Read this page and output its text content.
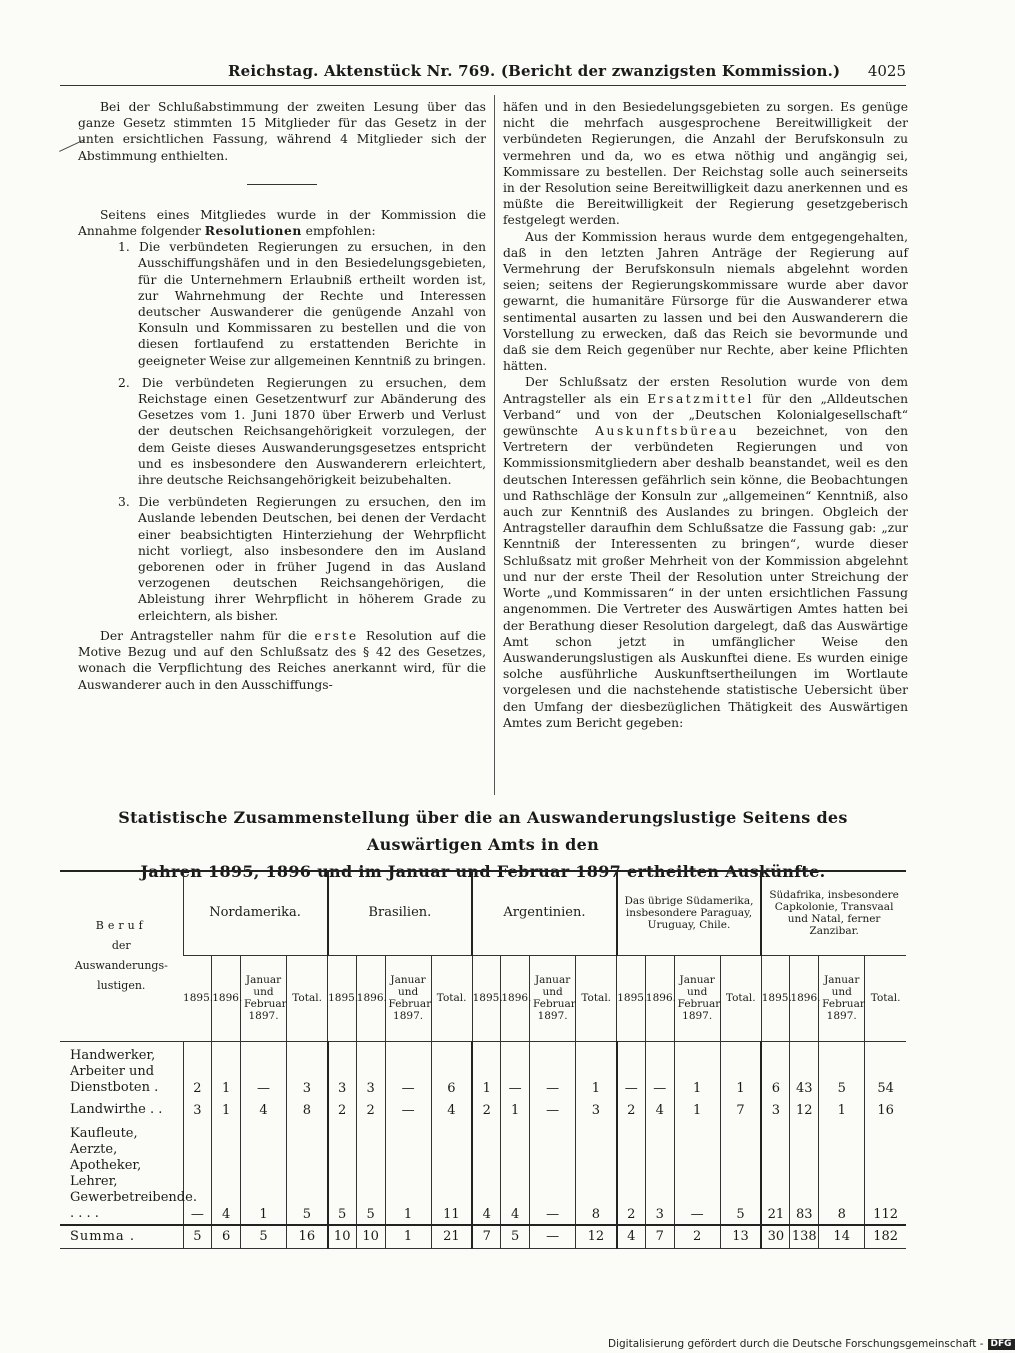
Reichstag. Aktenstück Nr. 769. (Bericht der zwanzigsten Kommission.) 4025

Bei der Schlußabstimmung der zweiten Lesung über das ganze Gesetz stimmten 15 Mitglieder für das Gesetz in der unten ersichtlichen Fassung, während 4 Mitglieder sich der Abstimmung enthielten.

Seitens eines Mitgliedes wurde in der Kommission die Annahme folgender Resolutionen empfohlen:

1. Die verbündeten Regierungen zu ersuchen, in den Ausschiffungshäfen und in den Besiedelungsgebieten, für die Unternehmern Erlaubniß ertheilt worden ist, zur Wahrnehmung der Rechte und Interessen deutscher Auswanderer die genügende Anzahl von Konsuln und Kommissaren zu bestellen und die von diesen fortlaufend zu erstattenden Berichte in geeigneter Weise zur allgemeinen Kenntniß zu bringen.

2. Die verbündeten Regierungen zu ersuchen, dem Reichstage einen Gesetzentwurf zur Abänderung des Gesetzes vom 1. Juni 1870 über Erwerb und Verlust der deutschen Reichsangehörigkeit vorzulegen, der dem Geiste dieses Auswanderungsgesetzes entspricht und es insbesondere den Auswanderern erleichtert, ihre deutsche Reichsangehörigkeit beizubehalten.

3. Die verbündeten Regierungen zu ersuchen, den im Auslande lebenden Deutschen, bei denen der Verdacht einer beabsichtigten Hinterziehung der Wehrpflicht nicht vorliegt, also insbesondere den im Ausland geborenen oder in früher Jugend in das Ausland verzogenen deutschen Reichsangehörigen, die Ableistung ihrer Wehrpflicht in höherem Grade zu erleichtern, als bisher.

Der Antragsteller nahm für die erste Resolution auf die Motive Bezug und auf den Schlußsatz des § 42 des Gesetzes, wonach die Verpflichtung des Reiches anerkannt wird, für die Auswanderer auch in den Ausschiffungs-

häfen und in den Besiedelungsgebieten zu sorgen. Es genüge nicht die mehrfach ausgesprochene Bereitwilligkeit der verbündeten Regierungen, die Anzahl der Berufskonsuln zu vermehren und da, wo es etwa nöthig und angängig sei, Kommissare zu bestellen. Der Reichstag solle auch seinerseits in der Resolution seine Bereitwilligkeit dazu anerkennen und es müßte die Bereitwilligkeit der Regierung gesetzgeberisch festgelegt werden.

Aus der Kommission heraus wurde dem entgegengehalten, daß in den letzten Jahren Anträge der Regierung auf Vermehrung der Berufskonsuln niemals abgelehnt worden seien; seitens der Regierungskommissare wurde aber davor gewarnt, die humanitäre Fürsorge für die Auswanderer etwa sentimental ausarten zu lassen und bei den Auswanderern die Vorstellung zu erwecken, daß das Reich sie bevormunde und daß sie dem Reich gegenüber nur Rechte, aber keine Pflichten hätten.

Der Schlußsatz der ersten Resolution wurde von dem Antragsteller als ein Ersatzmittel für den „Alldeutschen Verband“ und von der „Deutschen Kolonialgesellschaft“ gewünschte Auskunftsbüreau bezeichnet, von den Vertretern der verbündeten Regierungen und von Kommissionsmitgliedern aber deshalb beanstandet, weil es den deutschen Interessen gefährlich sein könne, die Beobachtungen und Rathschläge der Konsuln zur „allgemeinen“ Kenntniß, also auch zur Kenntniß des Auslandes zu bringen. Obgleich der Antragsteller daraufhin dem Schlußsatze die Fassung gab: „zur Kenntniß der Interessenten zu bringen“, wurde dieser Schlußsatz mit großer Mehrheit von der Kommission abgelehnt und nur der erste Theil der Resolution unter Streichung der Worte „und Kommissaren“ in der unten ersichtlichen Fassung angenommen. Die Vertreter des Auswärtigen Amtes hatten bei der Berathung dieser Resolution dargelegt, daß das Auswärtige Amt schon jetzt in umfänglicher Weise den Auswanderungslustigen als Auskunftei diene. Es wurden einige solche ausführliche Auskunftsertheilungen im Wortlaute vorgelesen und die nachstehende statistische Uebersicht über den Umfang der diesbezüglichen Thätigkeit des Auswärtigen Amtes zum Bericht gegeben:

Statistische Zusammenstellung über die an Auswanderungslustige Seitens des Auswärtigen Amts in den
Jahren 1895, 1896 und im Januar und Februar 1897 ertheilten Auskünfte.
Beruf
der
Auswanderungs-
lustigen.	Nordamerika.				Brasilien.				Argentinien.				Das übrige Südamerika, insbesondere Paraguay, Uruguay, Chile.				Südafrika, insbesondere Capkolonie, Transvaal und Natal, ferner Zanzibar.			
	1895.	1896.	Januar und Februar 1897.	Total.	1895.	1896.	Januar und Februar 1897.	Total.	1895.	1896.	Januar und Februar 1897.	Total.	1895.	1896.	Januar und Februar 1897.	Total.	1895.	1896.	Januar und Februar 1897.	Total.
Handwerker, Arbeiter und Dienstboten .	2	1	—	3	3	3	—	6	1	—	—	1	—	—	1	1	6	43	5	54
Landwirthe . .	3	1	4	8	2	2	—	4	2	1	—	3	2	4	1	7	3	12	1	16
Kaufleute, Aerzte, Apotheker, Lehrer, Gewerbetreibende. . . . .	—	4	1	5	5	5	1	11	4	4	—	8	2	3	—	5	21	83	8	112
Summa .	5	6	5	16	10	10	1	21	7	5	—	12	4	7	2	13	30	138	14	182
Digitalisierung gefördert durch die Deutsche Forschungsgemeinschaft - DFG
